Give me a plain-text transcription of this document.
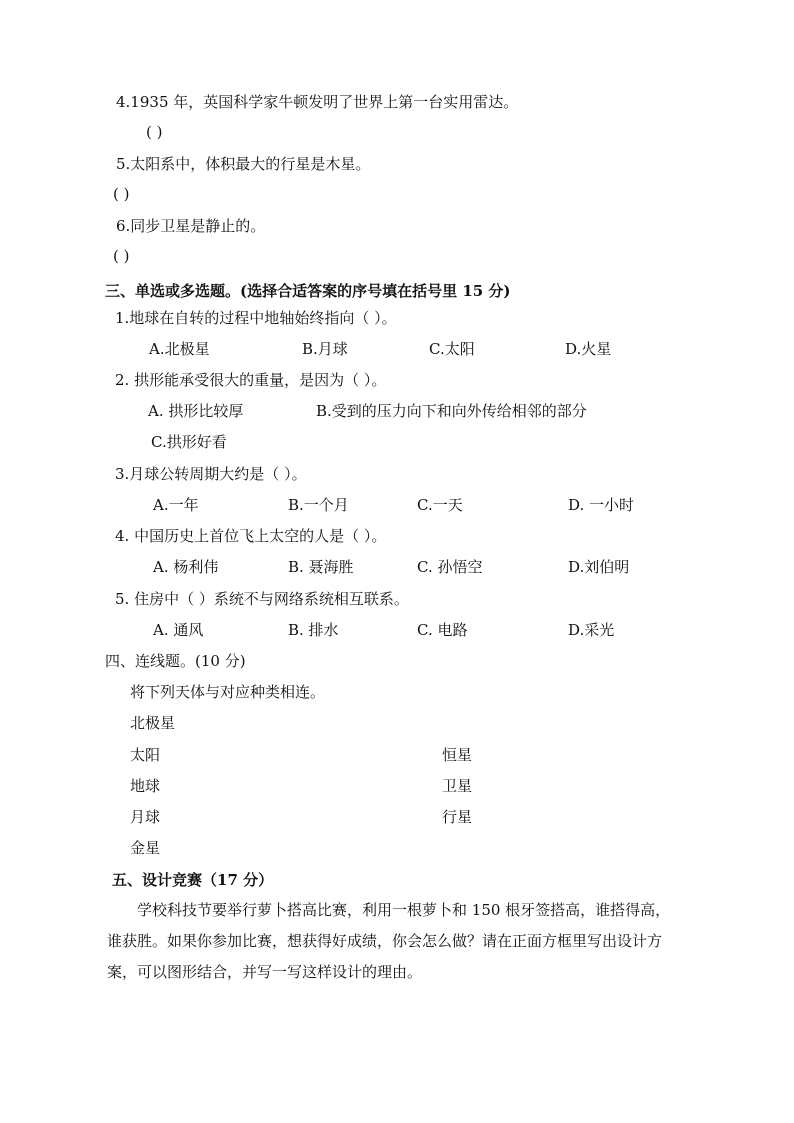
4.1935 年，英国科学家牛顿发明了世界上第一台实用雷达。
( )
5.太阳系中，体积最大的行星是木星。
( )
6.同步卫星是静止的。
( )
三、单选或多选题。(选择合适答案的序号填在括号里 15 分)
1.地球在自转的过程中地轴始终指向（ ）。
A.北极星	B.月球	C.太阳	D.火星
2. 拱形能承受很大的重量，是因为（ ）。
A. 拱形比较厚	B.受到的压力向下和向外传给相邻的部分
C.拱形好看
3.月球公转周期大约是（ ）。
A.一年	B.一个月	C.一天	D. 一小时
4. 中国历史上首位飞上太空的人是（ ）。
A. 杨利伟	B. 聂海胜	C. 孙悟空	D.刘伯明
5. 住房中（ ）系统不与网络系统相互联系。
A. 通风	B. 排水	C. 电路	D.采光
四、连线题。(10 分)
将下列天体与对应种类相连。
北极星
太阳
地球
月球
金星
恒星
卫星
行星
五、设计竞赛（17 分）
学校科技节要举行萝卜搭高比赛，利用一根萝卜和 150 根牙签搭高，谁搭得高，
谁获胜。如果你参加比赛，想获得好成绩，你会怎么做？请在正面方框里写出设计方
案，可以图形结合，并写一写这样设计的理由。
